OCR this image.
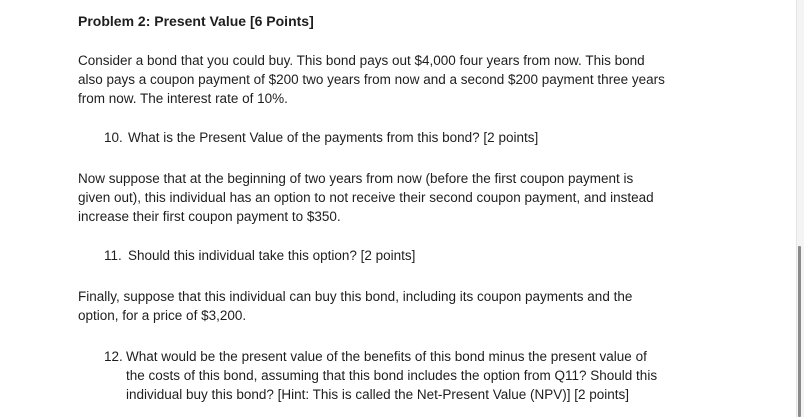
Problem 2: Present Value [6 Points]
Consider a bond that you could buy. This bond pays out $4,000 four years from now. This bond
also pays a coupon payment of $200 two years from now and a second $200 payment three years
from now. The interest rate of 10%.
10. What is the Present Value of the payments from this bond? [2 points]
Now suppose that at the beginning of two years from now (before the first coupon payment is
given out), this individual has an option to not receive their second coupon payment, and instead
increase their first coupon payment to $350.
11. Should this individual take this option? [2 points]
Finally, suppose that this individual can buy this bond, including its coupon payments and the
option, for a price of $3,200.
12. What would be the present value of the benefits of this bond minus the present value of
the costs of this bond, assuming that this bond includes the option from Q11? Should this
individual buy this bond? [Hint: This is called the Net-Present Value (NPV)] [2 points]
